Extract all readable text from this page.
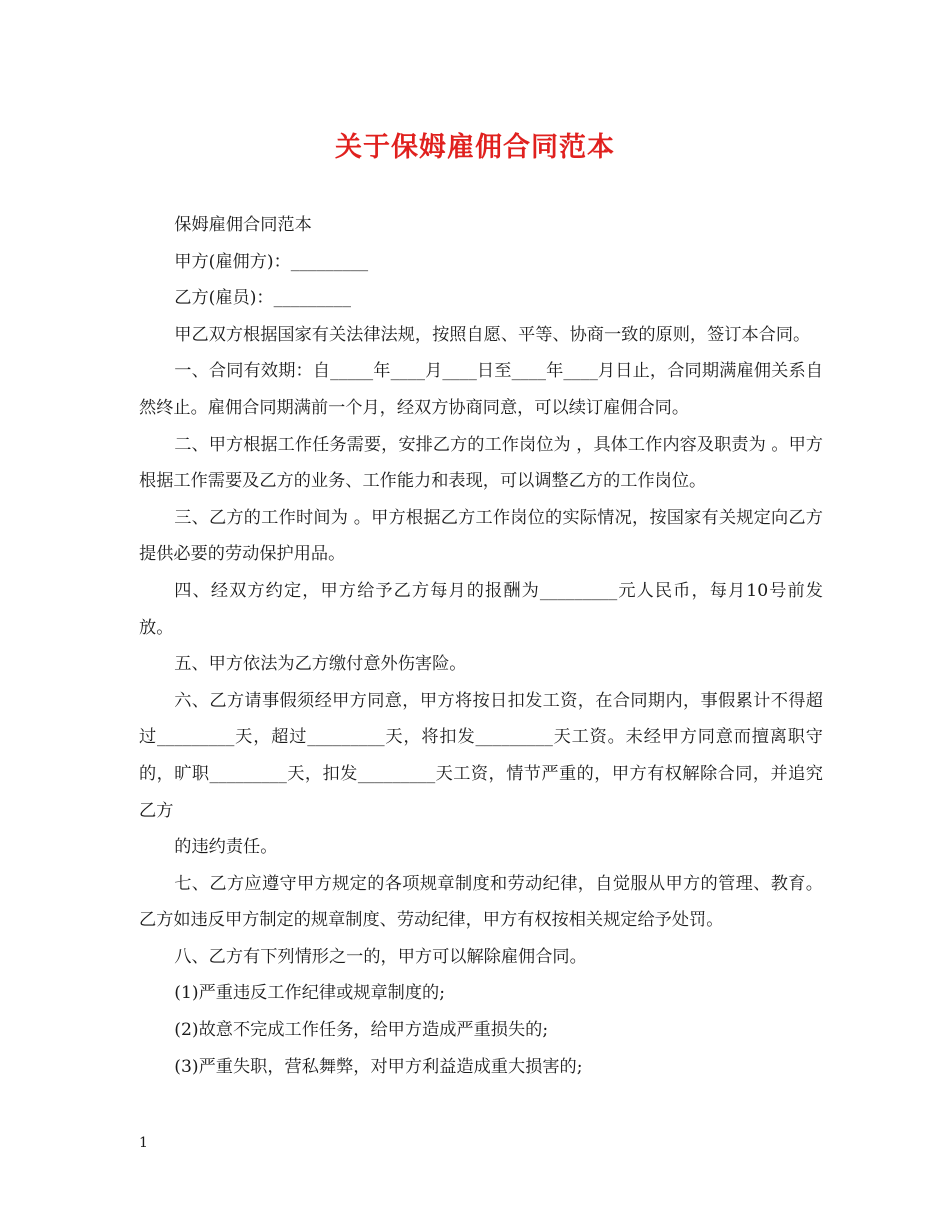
关于保姆雇佣合同范本

保姆雇佣合同范本

甲方(雇佣方)：_________

乙方(雇员)：_________

甲乙双方根据国家有关法律法规，按照自愿、平等、协商一致的原则，签订本合同。

一、合同有效期：自_____年____月____日至____年____月日止，合同期满雇佣关系自然终止。雇佣合同期满前一个月，经双方协商同意，可以续订雇佣合同。

二、甲方根据工作任务需要，安排乙方的工作岗位为 ，具体工作内容及职责为 。甲方根据工作需要及乙方的业务、工作能力和表现，可以调整乙方的工作岗位。

三、乙方的工作时间为 。甲方根据乙方工作岗位的实际情况，按国家有关规定向乙方提供必要的劳动保护用品。

四、经双方约定，甲方给予乙方每月的报酬为_________元人民币，每月10号前发放。

五、甲方依法为乙方缴付意外伤害险。

六、乙方请事假须经甲方同意，甲方将按日扣发工资，在合同期内，事假累计不得超过_________天，超过_________天，将扣发_________天工资。未经甲方同意而擅离职守的，旷职_________天，扣发_________天工资，情节严重的，甲方有权解除合同，并追究乙方

的违约责任。

七、乙方应遵守甲方规定的各项规章制度和劳动纪律，自觉服从甲方的管理、教育。乙方如违反甲方制定的规章制度、劳动纪律，甲方有权按相关规定给予处罚。

八、乙方有下列情形之一的，甲方可以解除雇佣合同。

(1)严重违反工作纪律或规章制度的;

(2)故意不完成工作任务，给甲方造成严重损失的;

(3)严重失职，营私舞弊，对甲方利益造成重大损害的;

1
